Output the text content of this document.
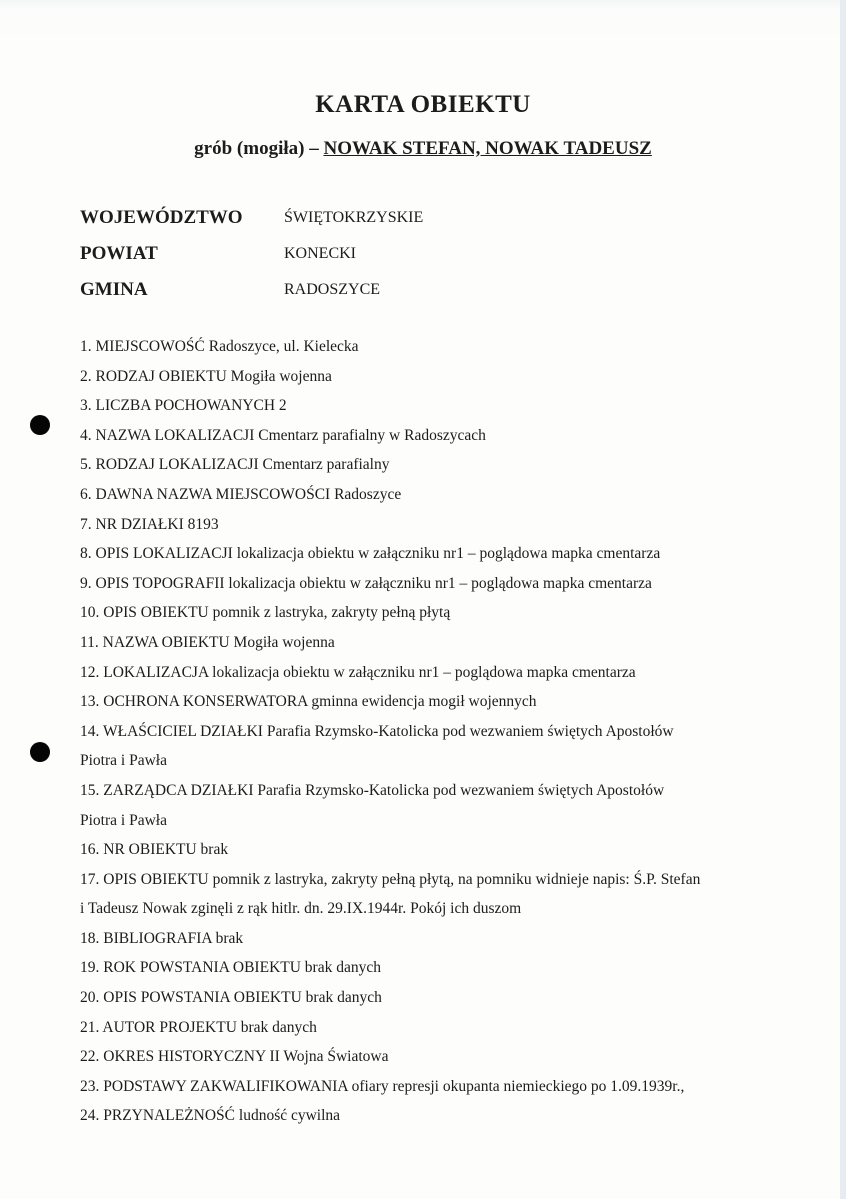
KARTA OBIEKTU
grób (mogiła) – NOWAK STEFAN, NOWAK TADEUSZ
WOJEWÓDZTWO	ŚWIĘTOKRZYSKIE
POWIAT	KONECKI
GMINA	RADOSZYCE
1. MIEJSCOWOŚĆ Radoszyce, ul. Kielecka
2. RODZAJ OBIEKTU Mogiła wojenna
3. LICZBA POCHOWANYCH 2
4. NAZWA LOKALIZACJI Cmentarz parafialny w Radoszycach
5. RODZAJ LOKALIZACJI Cmentarz parafialny
6. DAWNA NAZWA MIEJSCOWOŚCI Radoszyce
7. NR DZIAŁKI 8193
8. OPIS LOKALIZACJI lokalizacja obiektu w załączniku nr1 – poglądowa mapka cmentarza
9. OPIS TOPOGRAFII lokalizacja obiektu w załączniku nr1 – poglądowa mapka cmentarza
10. OPIS OBIEKTU pomnik z lastryka, zakryty pełną płytą
11. NAZWA OBIEKTU Mogiła wojenna
12. LOKALIZACJA lokalizacja obiektu w załączniku nr1 – poglądowa mapka cmentarza
13. OCHRONA KONSERWATORA gminna ewidencja mogił wojennych
14. WŁAŚCICIEL DZIAŁKI Parafia Rzymsko-Katolicka pod wezwaniem świętych Apostołów
Piotra i Pawła
15. ZARZĄDCA DZIAŁKI Parafia Rzymsko-Katolicka pod wezwaniem świętych Apostołów
Piotra i Pawła
16. NR OBIEKTU brak
17. OPIS OBIEKTU pomnik z lastryka, zakryty pełną płytą, na pomniku widnieje napis: Ś.P. Stefan
i Tadeusz Nowak zginęli z rąk hitlr. dn. 29.IX.1944r. Pokój ich duszom
18. BIBLIOGRAFIA brak
19. ROK POWSTANIA OBIEKTU brak danych
20. OPIS POWSTANIA OBIEKTU brak danych
21. AUTOR PROJEKTU brak danych
22. OKRES HISTORYCZNY II Wojna Światowa
23. PODSTAWY ZAKWALIFIKOWANIA ofiary represji okupanta niemieckiego po 1.09.1939r.,
24. PRZYNALEŻNOŚĆ ludność cywilna
